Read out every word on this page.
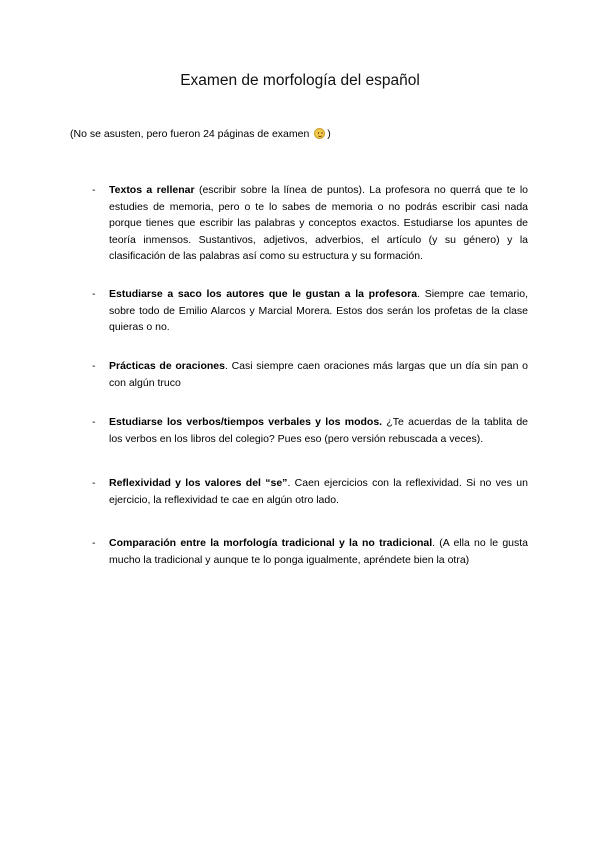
Examen de morfología del español

(No se asusten, pero fueron 24 páginas de examen )

- Textos a rellenar (escribir sobre la línea de puntos). La profesora no querrá que te lo estudies de memoria, pero o te lo sabes de memoria o no podrás escribir casi nada porque tienes que escribir las palabras y conceptos exactos. Estudiarse los apuntes de teoría inmensos. Sustantivos, adjetivos, adverbios, el artículo (y su género) y la clasificación de las palabras así como su estructura y su formación.
- Estudiarse a saco los autores que le gustan a la profesora. Siempre cae temario, sobre todo de Emilio Alarcos y Marcial Morera. Estos dos serán los profetas de la clase quieras o no.
- Prácticas de oraciones. Casi siempre caen oraciones más largas que un día sin pan o con algún truco
- Estudiarse los verbos/tiempos verbales y los modos. ¿Te acuerdas de la tablita de los verbos en los libros del colegio? Pues eso (pero versión rebuscada a veces).
- Reflexividad y los valores del “se”. Caen ejercicios con la reflexividad. Si no ves un ejercicio, la reflexividad te cae en algún otro lado.
- Comparación entre la morfología tradicional y la no tradicional. (A ella no le gusta mucho la tradicional y aunque te lo ponga igualmente, apréndete bien la otra)
